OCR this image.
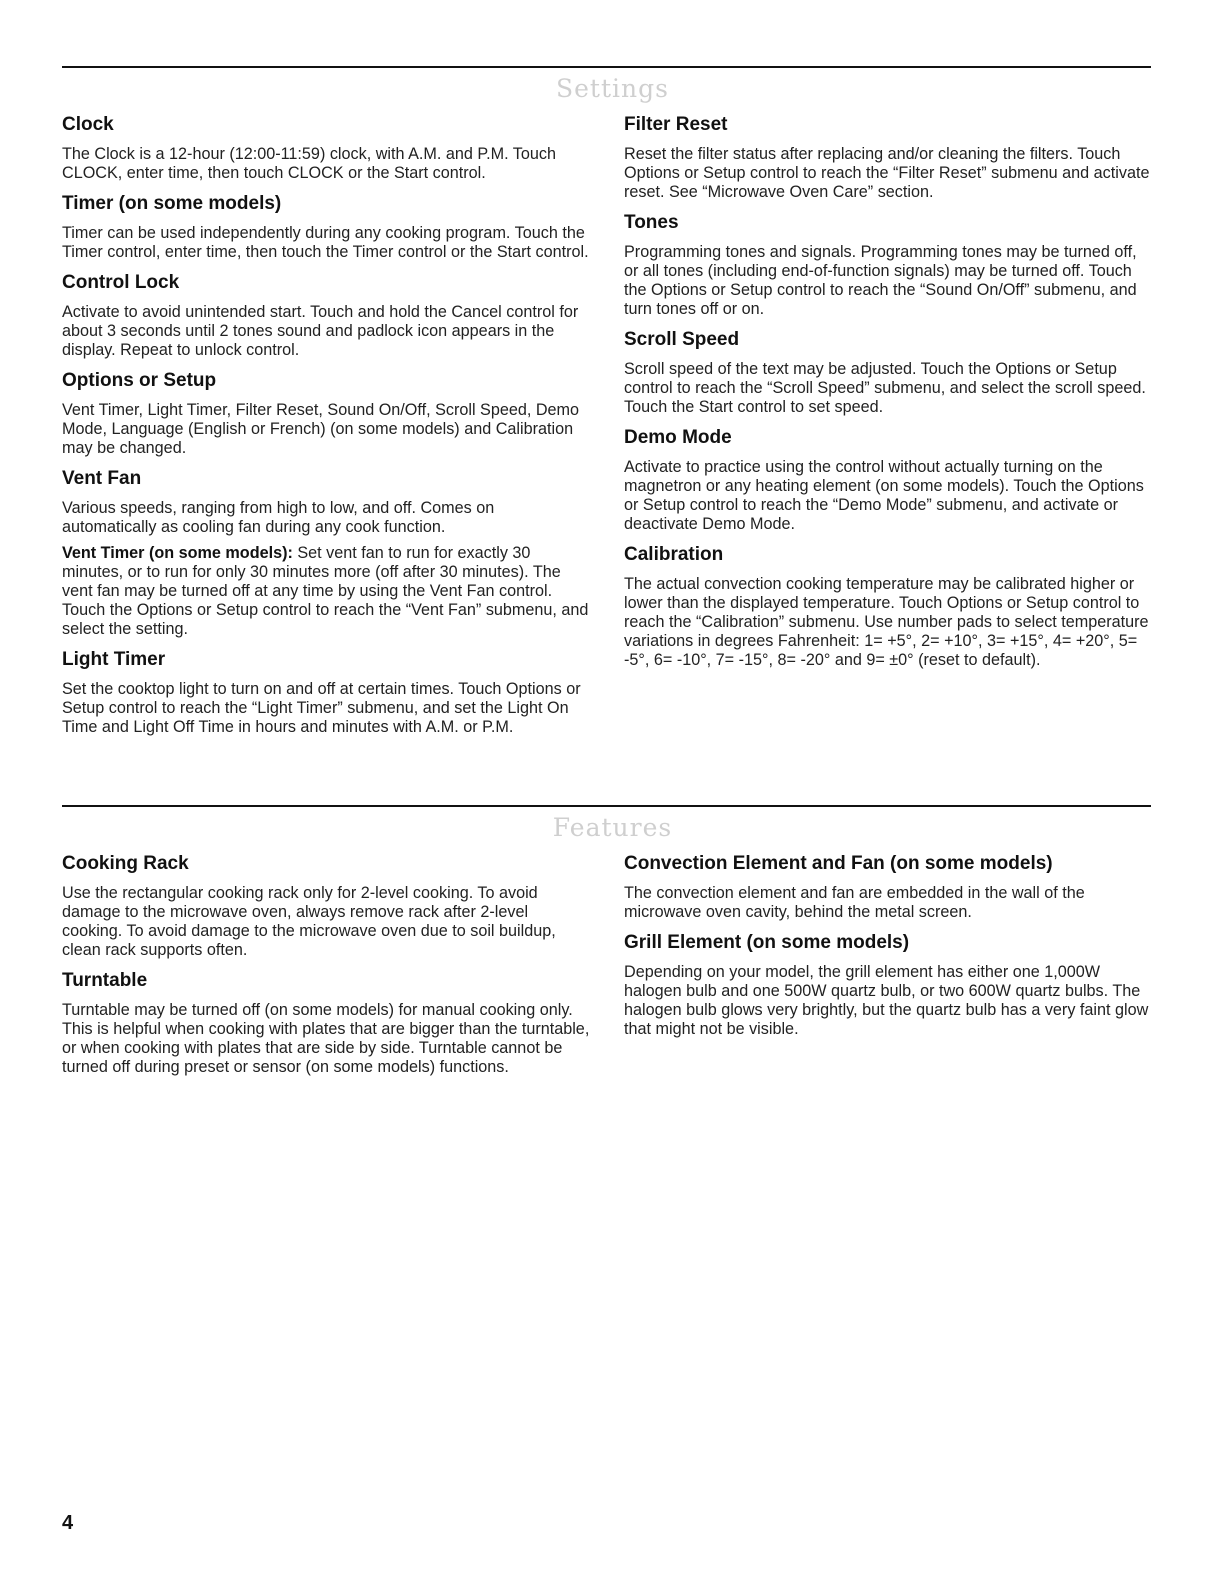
Settings
Clock

The Clock is a 12-hour (12:00-11:59) clock, with A.M. and P.M. Touch CLOCK, enter time, then touch CLOCK or the Start control.

Timer (on some models)

Timer can be used independently during any cooking program. Touch the Timer control, enter time, then touch the Timer control or the Start control.

Control Lock

Activate to avoid unintended start. Touch and hold the Cancel control for about 3 seconds until 2 tones sound and padlock icon appears in the display. Repeat to unlock control.

Options or Setup

Vent Timer, Light Timer, Filter Reset, Sound On/Off, Scroll Speed, Demo Mode, Language (English or French) (on some models) and Calibration may be changed.

Vent Fan

Various speeds, ranging from high to low, and off. Comes on automatically as cooling fan during any cook function.

Vent Timer (on some models): Set vent fan to run for exactly 30 minutes, or to run for only 30 minutes more (off after 30 minutes). The vent fan may be turned off at any time by using the Vent Fan control. Touch the Options or Setup control to reach the “Vent Fan” submenu, and select the setting.

Light Timer

Set the cooktop light to turn on and off at certain times. Touch Options or Setup control to reach the “Light Timer” submenu, and set the Light On Time and Light Off Time in hours and minutes with A.M. or P.M.

Filter Reset

Reset the filter status after replacing and/or cleaning the filters. Touch Options or Setup control to reach the “Filter Reset” submenu and activate reset. See “Microwave Oven Care” section.

Tones

Programming tones and signals. Programming tones may be turned off, or all tones (including end-of-function signals) may be turned off. Touch the Options or Setup control to reach the “Sound On/Off” submenu, and turn tones off or on.

Scroll Speed

Scroll speed of the text may be adjusted. Touch the Options or Setup control to reach the “Scroll Speed” submenu, and select the scroll speed. Touch the Start control to set speed.

Demo Mode

Activate to practice using the control without actually turning on the magnetron or any heating element (on some models). Touch the Options or Setup control to reach the “Demo Mode” submenu, and activate or deactivate Demo Mode.

Calibration

The actual convection cooking temperature may be calibrated higher or lower than the displayed temperature. Touch Options or Setup control to reach the “Calibration” submenu. Use number pads to select temperature variations in degrees Fahrenheit: 1= +5°, 2= +10°, 3= +15°, 4= +20°, 5= -5°, 6= -10°, 7= -15°, 8= -20° and 9= ±0° (reset to default).

Features
Cooking Rack

Use the rectangular cooking rack only for 2-level cooking. To avoid damage to the microwave oven, always remove rack after 2-level cooking. To avoid damage to the microwave oven due to soil buildup, clean rack supports often.

Turntable

Turntable may be turned off (on some models) for manual cooking only. This is helpful when cooking with plates that are bigger than the turntable, or when cooking with plates that are side by side. Turntable cannot be turned off during preset or sensor (on some models) functions.

Convection Element and Fan (on some models)

The convection element and fan are embedded in the wall of the microwave oven cavity, behind the metal screen.

Grill Element (on some models)

Depending on your model, the grill element has either one 1,000W halogen bulb and one 500W quartz bulb, or two 600W quartz bulbs. The halogen bulb glows very brightly, but the quartz bulb has a very faint glow that might not be visible.

4
